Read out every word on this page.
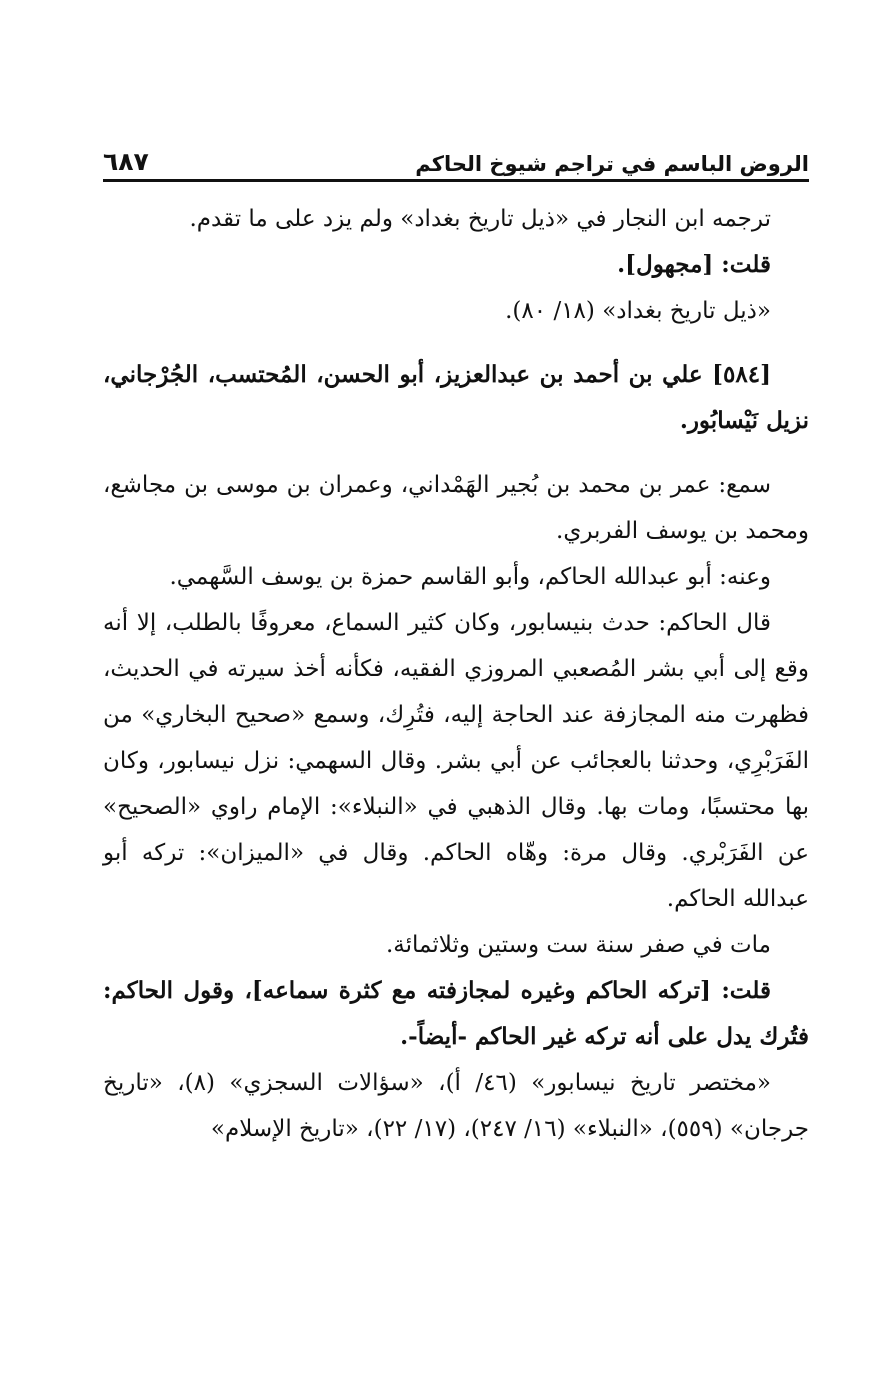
الروض الباسم في تراجم شيوخ الحاكم
٦٨٧

ترجمه ابن النجار في «ذيل تاريخ بغداد» ولم يزد على ما تقدم.

قلت: [مجهول].

«ذيل تاريخ بغداد» (١٨/ ٨٠).

[٥٨٤] علي بن أحمد بن عبدالعزيز، أبو الحسن، المُحتسب، الجُرْجاني، نزيل نَيْسابُور.

سمع: عمر بن محمد بن بُجير الهَمْداني، وعمران بن موسى بن مجاشع، ومحمد بن يوسف الفربري.

وعنه: أبو عبدالله الحاكم، وأبو القاسم حمزة بن يوسف السَّهمي.

قال الحاكم: حدث بنيسابور، وكان كثير السماع، معروفًا بالطلب، إلا أنه وقع إلى أبي بشر المُصعبي المروزي الفقيه، فكأنه أخذ سيرته في الحديث، فظهرت منه المجازفة عند الحاجة إليه، فتُرِك، وسمع «صحيح البخاري» من الفَرَبْرِي، وحدثنا بالعجائب عن أبي بشر. وقال السهمي: نزل نيسابور، وكان بها محتسبًا، ومات بها. وقال الذهبي في «النبلاء»: الإمام راوي «الصحيح» عن الفَرَبْري. وقال مرة: وهّاه الحاكم. وقال في «الميزان»: تركه أبو عبدالله الحاكم.

مات في صفر سنة ست وستين وثلاثمائة.

قلت: [تركه الحاكم وغيره لمجازفته مع كثرة سماعه]، وقول الحاكم: فتُرك يدل على أنه تركه غير الحاكم -أيضاً-.

«مختصر تاريخ نيسابور» (٤٦/ أ)، «سؤالات السجزي» (٨)، «تاريخ جرجان» (٥٥٩)، «النبلاء» (١٦/ ٢٤٧)، (١٧/ ٢٢)، «تاريخ الإسلام»
